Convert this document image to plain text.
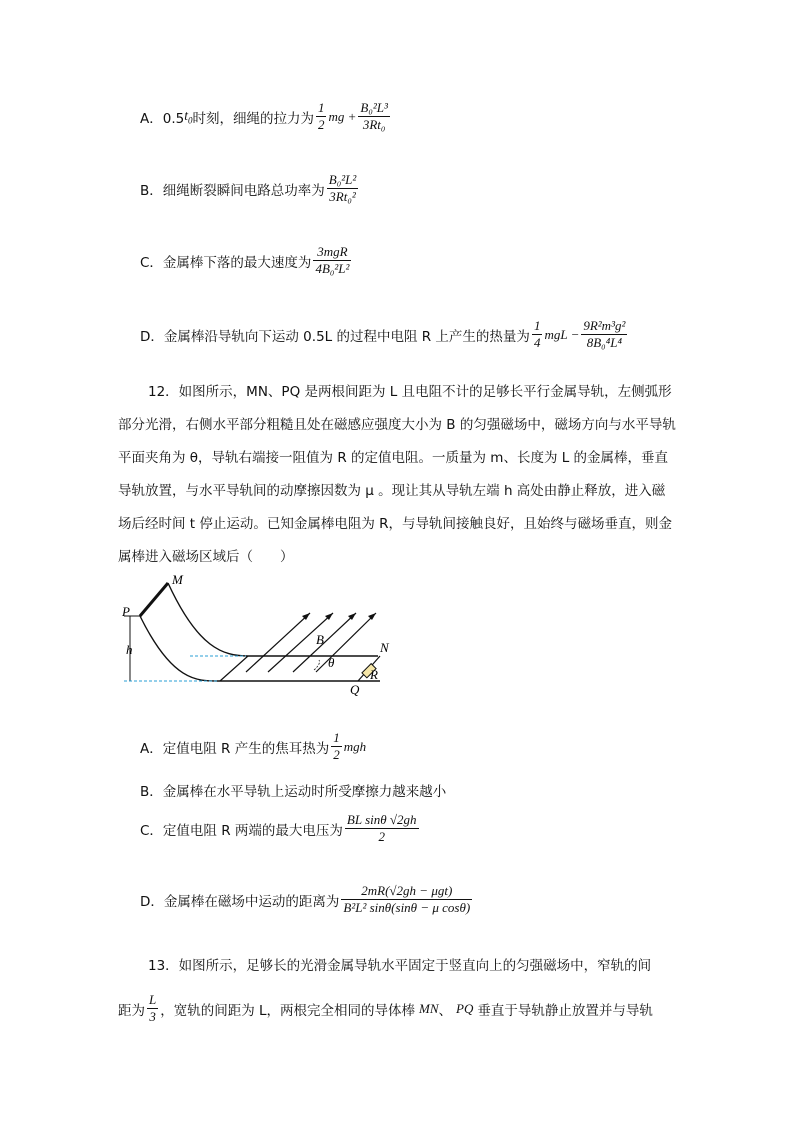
A．0.5 $t_0$ 时刻，细绳的拉力为 $\frac{1}{2}$ mg + $\frac{\text{B₀²L³}}{\text{3Rt₀}}$
B．细绳断裂瞬间电路总功率为 $\frac{\text{B₀²L²}}{\text{3Rt₀²}}$
C．金属棒下落的最大速度为 $\frac{\text{3mgR}}{\text{4B₀²L²}}$
D．金属棒沿导轨向下运动 0.5L 的过程中电阻 R 上产生的热量为 $\frac{1}{4}$ mgL − $\frac{\text{9R²m³g²}}{\text{8B₀⁴L⁴}}$
12．如图所示，MN、PQ 是两根间距为 L 且电阻不计的足够长平行金属导轨，左侧弧形部分光滑，右侧水平部分粗糙且处在磁感应强度大小为 B 的匀强磁场中，磁场方向与水平导轨平面夹角为 θ，导轨右端接一阻值为 R 的定值电阻。一质量为 m、长度为 L 的金属棒，垂直导轨放置，与水平导轨间的动摩擦因数为 μ 。现让其从导轨左端 h 高处由静止释放，进入磁场后经时间 t 停止运动。已知金属棒电阻为 R，与导轨间接触良好，且始终与磁场垂直，则金属棒进入磁场区域后（　　）
M
P
h
B
N
θ
R
Q
A．定值电阻 R 产生的焦耳热为 $\frac{1}{2}$ mgh
B．金属棒在水平导轨上运动时所受摩擦力越来越小
C．定值电阻 R 两端的最大电压为 $\frac{\text{BL sinθ √2gh}}{2}$
D．金属棒在磁场中运动的距离为 $\frac{\text{2mR(√2gh − μgt)}}{\text{B²L² sinθ(sinθ − μ cosθ)}}$
13．如图所示，足够长的光滑金属导轨水平固定于竖直向上的匀强磁场中，窄轨的间
距为 $\frac{L}{3}$ ，宽轨的间距为 L，两根完全相同的导体棒 MN 、 PQ 垂直于导轨静止放置并与导轨
